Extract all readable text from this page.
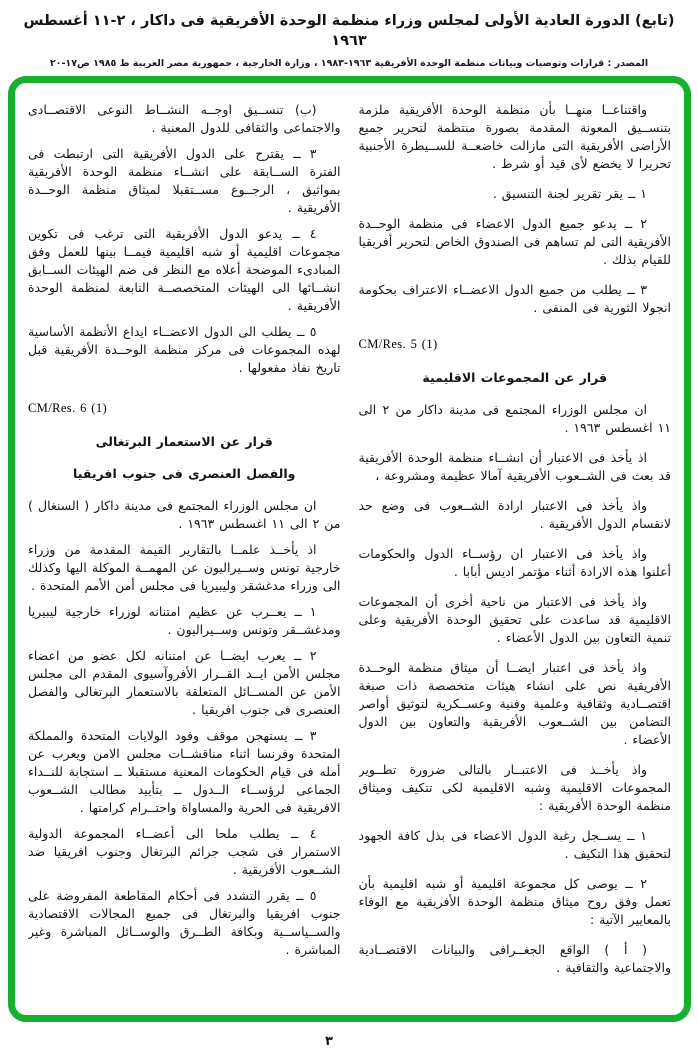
(تابع) الدورة العادية الأولى لمجلس وزراء منظمة الوحدة الأفريقية فى داكار ، ٢-١١ أغسطس ١٩٦٣
المصدر : قرارات وتوصيات وبيانات منظمة الوحدة الأفريقية ١٩٦٣-١٩٨٣ ، وزارة الخارجية ، جمهورية مصر العربية ط ١٩٨٥ ص١٧-٢٠

واقتناعــا منهــا بأن منظمة الوحدة الأفريقية ملزمة بتنســيق المعونة المقدمة بصورة منتظمة لتحرير جميع الأراضى الأفريقية التى مازالت خاضعــة للســيطرة الأجنبية تحريرا لا يخضع لأى قيد أو شرط .

١ ــ يقر تقرير لجنة التنسيق .

٢ ــ يدعو جميع الدول الاعضاء فى منظمة الوحــدة الأفريقية التى لم تساهم فى الصندوق الخاص لتحرير أفريقيا للقيام بذلك .

٣ ــ يطلب من جميع الدول الاعضــاء الاعتراف بحكومة انجولا الثورية فى المنفى .

CM/Res. 5 (1)

قرار عن المجموعات الاقليمية

ان مجلس الوزراء المجتمع فى مدينة داكار من ٢ الى ١١ اغسطس ١٩٦٣ .

اذ يأخذ فى الاعتبار أن انشــاء منظمة الوحدة الأفريقية قد بعث فى الشــعوب الأفريقية آمالا عظيمة ومشروعة ،

واذ يأخذ فى الاعتبار ارادة الشــعوب فى وضع حد لانقسام الدول الأفريقية .

واذ يأخذ فى الاعتبار ان رؤســاء الدول والحكومات أعلنوا هذه الارادة أثناء مؤتمر اديس أبابا .

واذ يأخذ فى الاعتبار من ناحية أخرى أن المجموعات الاقليمية قد ساعدت على تحقيق الوحدة الأفريقية وعلى تنمية التعاون بين الدول الأعضاء .

واذ يأخذ فى اعتبار ايضــا أن ميثاق منظمة الوحــدة الأفريقية نص على انشاء هيئات متخصصة ذات صبغة اقتصــادية وثقافية وعلمية وفنية وعســكرية لتوثيق أواصر التضامن بين الشــعوب الأفريقية والتعاون بين الدول الأعضاء .

واذ يأخــذ فى الاعتبــار بالتالى ضرورة تطــوير المجموعات الاقليمية وشبه الاقليمية لكى تتكيف وميثاق منظمة الوحدة الأفريقية :

١ ــ يســجل رغبة الدول الاعضاء فى بذل كافة الجهود لتحقيق هذا التكيف .

٢ ــ يوصى كل مجموعة اقليمية أو شبه اقليمية بأن تعمل وفق روح ميثاق منظمة الوحدة الأفريقية مع الوفاء بالمعايير الآتية :

( أ ) الواقع الجغــرافى والبيانات الاقتصــادية والاجتماعية والثقافية .

(ب) تنســيق اوجــه النشــاط النوعى الاقتصــادى والاجتماعى والثقافى للدول المعنية .

٣ ــ يقترح على الدول الأفريقية التى ارتبطت فى الفترة الســابقة على انشــاء منظمة الوحدة الأفريقية بمواثيق ، الرجــوع مســتقبلا لميثاق منظمة الوحــدة الأفريقية .

٤ ــ يدعو الدول الأفريقية التى ترغب فى تكوين مجموعات اقليمية أو شبه اقليمية فيمــا بينها للعمل وفق المبادىء الموضحة أعلاه مع النظر فى ضم الهيئات الســابق انشــائها الى الهيئات المتخصصــة التابعة لمنظمة الوحدة الأفريقية .

٥ ــ يطلب الى الدول الاعضــاء ايداع الأنظمة الأساسية لهذه المجموعات فى مركز منظمة الوحــدة الأفريقية قبل تاريخ نفاذ مفعولها .

CM/Res. 6 (1)

قرار عن الاستعمار البرتغالى

والفصل العنصرى فى جنوب افريقيا

ان مجلس الوزراء المجتمع فى مدينة داكار ( السنغال ) من ٢ الى ١١ اغسطس ١٩٦٣ .

اذ يأخــذ علمــا بالتقارير القيمة المقدمة من وزراء خارجية تونس وســيراليون عن المهمــة الموكلة اليها وكذلك الى وزراء مدغشقر وليبيريا فى مجلس أمن الأمم المتحدة .

١ ــ يعــرب عن عظيم امتنانه لوزراء خارجية ليبيريا ومدغشــقر وتونس وســيراليون .

٢ ــ يعرب ايضــا عن امتنانه لكل عضو من اعضاء مجلس الأمن ايــد القــرار الأفروآسيوى المقدم الى مجلس الأمن عن المســائل المتعلقة بالاستعمار البرتغالى والفصل العنصرى فى جنوب افريقيا .

٣ ــ يستهجن موقف وفود الولايات المتحدة والمملكة المتحدة وفرنسا اثناء مناقشــات مجلس الامن ويعرب عن أمله فى قيام الحكومات المعنية مستقبلا ــ استجابة للنــداء الجماعى لرؤســاء الــدول ــ بتأييد مطالب الشــعوب الافريقية فى الحرية والمساواة واحتــرام كرامتها .

٤ ــ يطلب ملحا الى أعضــاء المجموعة الدولية الاستمرار فى شجب جرائم البرتغال وجنوب افريقيا ضد الشــعوب الأفريقية .

٥ ــ يقرر التشدد فى أحكام المقاطعة المفروضة على جنوب افريقيا والبرتغال فى جميع المجالات الاقتصادية والســياســية وبكافة الطــرق والوســائل المباشرة وغير المباشرة .

٣
